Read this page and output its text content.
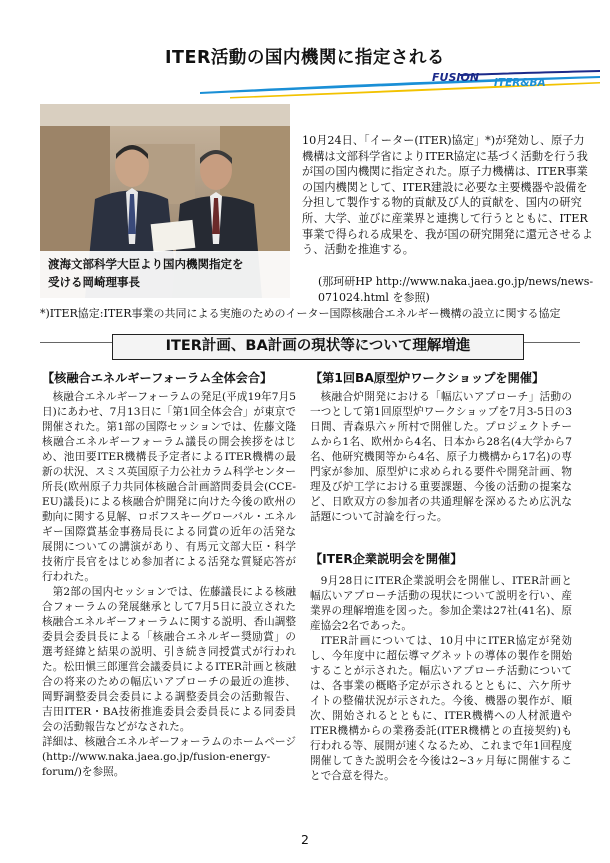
ITER活動の国内機関に指定される
FUSION ITER&BA
渡海文部科学大臣より国内機関指定を
受ける岡崎理事長
10月24日、「イーター(ITER)協定」*)が発効し、原子力機構は文部科学省によりITER協定に基づく活動を行う我が国の国内機関に指定された。原子力機構は、ITER事業の国内機関として、ITER建設に必要な主要機器や設備を分担して製作する物的貢献及び人的貢献を、国内の研究所、大学、並びに産業界と連携して行うとともに、ITER事業で得られる成果を、我が国の研究開発に還元させるよう、活動を推進する。
(那珂研HP http://www.naka.jaea.go.jp/news/news-071024.html を参照)
*)ITER協定:ITER事業の共同による実施のためのイーター国際核融合エネルギー機構の設立に関する協定
ITER計画、BA計画の現状等について理解増進
【核融合エネルギーフォーラム全体会合】

核融合エネルギーフォーラムの発足(平成19年7月5日)にあわせ、7月13日に「第1回全体会合」が東京で開催された。第1部の国際セッションでは、佐藤文隆核融合エネルギーフォーラム議長の開会挨拶をはじめ、池田要ITER機構長予定者によるITER機構の最新の状況、スミス英国原子力公社カラム科学センター所長(欧州原子力共同体核融合計画諮問委員会(CCE-EU)議長)による核融合炉開発に向けた今後の欧州の動向に関する見解、ロボフスキーグローバル・エネルギー国際賞基金事務局長による同賞の近年の活発な展開についての講演があり、有馬元文部大臣・科学技術庁長官をはじめ参加者による活発な質疑応答が行われた。

第2部の国内セッションでは、佐藤議長による核融合フォーラムの発展継承として7月5日に設立された核融合エネルギーフォーラムに関する説明、香山調整委員会委員長による「核融合エネルギー奨励賞」の選考経緯と結果の説明、引き続き同授賞式が行われた。松田愼三郎運営会議委員によるITER計画と核融合の将来のための幅広いアプローチの最近の進捗、岡野調整委員会委員による調整委員会の活動報告、吉田ITER・BA技術推進委員会委員長による同委員会の活動報告などがなされた。

詳細は、核融合エネルギーフォーラムのホームページ(http://www.naka.jaea.go.jp/fusion-energy-forum/)を参照。

【第1回BA原型炉ワークショップを開催】

核融合炉開発における「幅広いアプローチ」活動の一つとして第1回原型炉ワークショップを7月3-5日の3日間、青森県六ヶ所村で開催した。プロジェクトチームから1名、欧州から4名、日本から28名(4大学から7名、他研究機関等から4名、原子力機構から17名)の専門家が参加、原型炉に求められる要件や開発計画、物理及び炉工学における重要課題、今後の活動の提案など、日欧双方の参加者の共通理解を深めるため広汎な話題について討論を行った。

【ITER企業説明会を開催】

9月28日にITER企業説明会を開催し、ITER計画と幅広いアプローチ活動の現状について説明を行い、産業界の理解増進を図った。参加企業は27社(41名)、原産協会2名であった。

ITER計画については、10月中にITER協定が発効し、今年度中に超伝導マグネットの導体の製作を開始することが示された。幅広いアプローチ活動については、各事業の概略予定が示されるとともに、六ケ所サイトの整備状況が示された。今後、機器の製作が、順次、開始されるとともに、ITER機構への人材派遣やITER機構からの業務委託(ITER機構との直接契約)も行われる等、展開が速くなるため、これまで年1回程度開催してきた説明会を今後は2~3ヶ月毎に開催することで合意を得た。

2
